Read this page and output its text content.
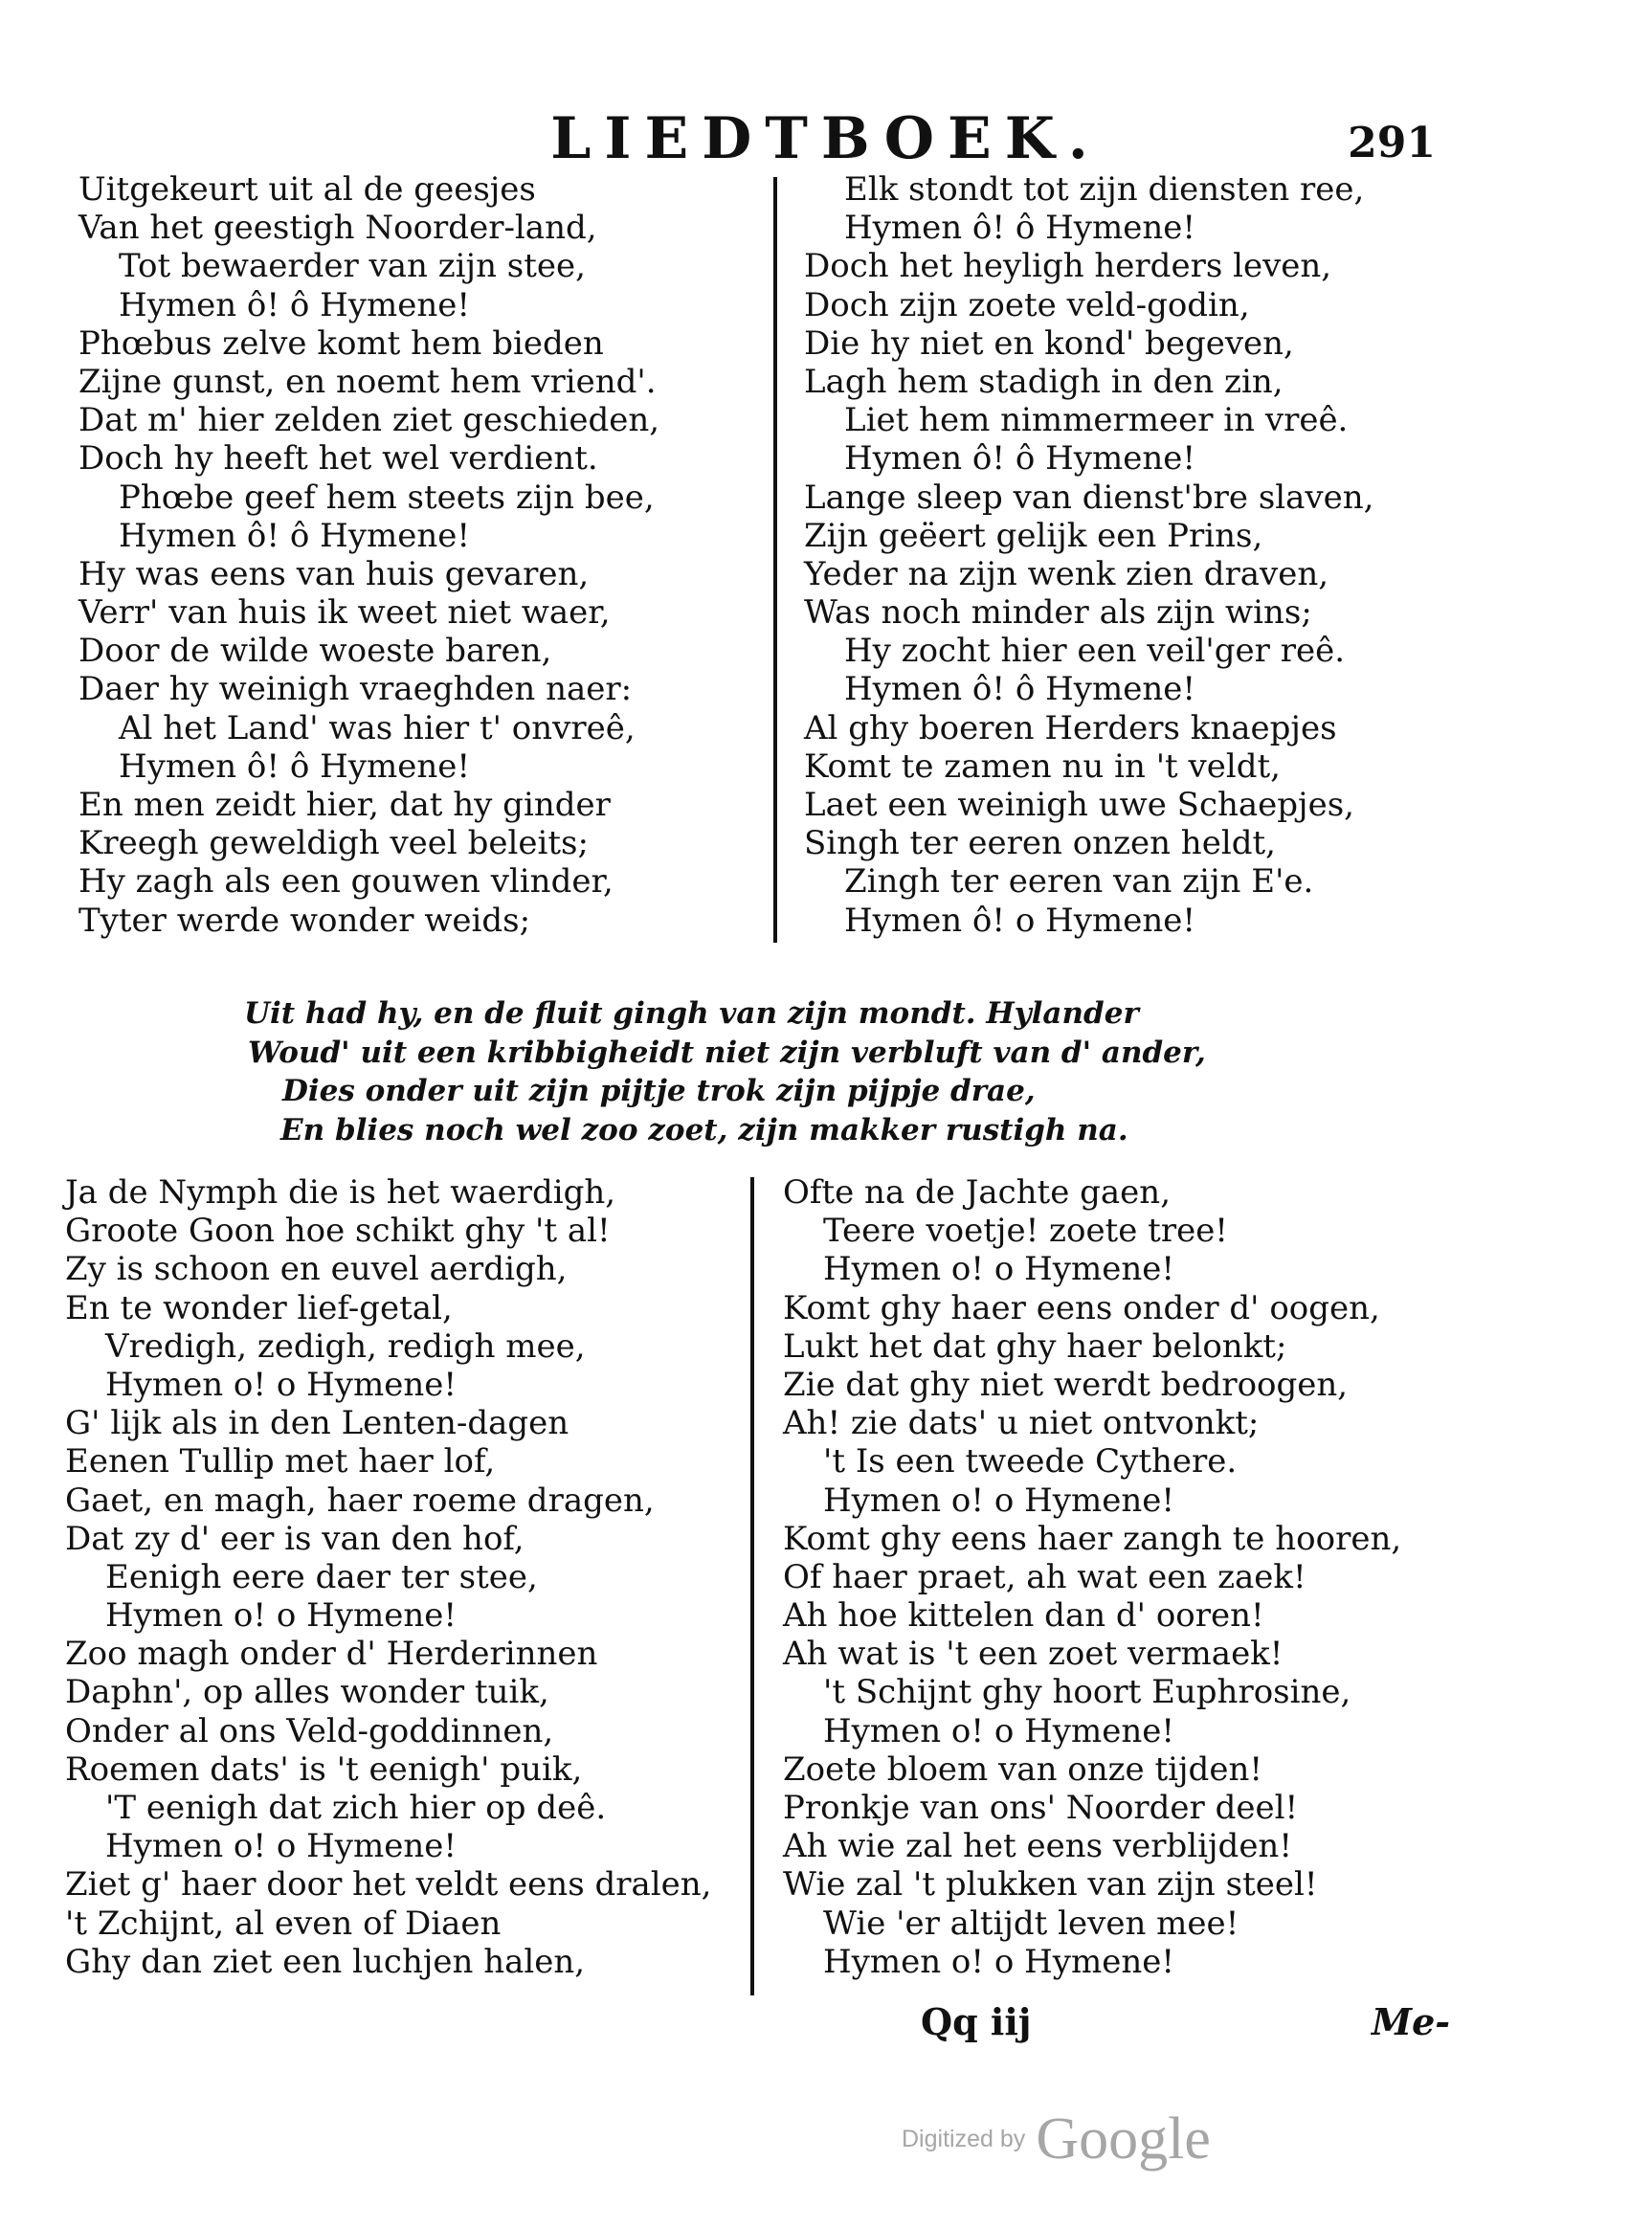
LIEDTBOEK.	291
Uitgekeurt uit al de geesjes
Van het geestigh Noorder-land,
Tot bewaerder van zijn stee,
Hymen ô! ô Hymene!
Phœbus zelve komt hem bieden
Zijne gunst, en noemt hem vriend'.
Dat m' hier zelden ziet geschieden,
Doch hy heeft het wel verdient.
Phœbe geef hem steets zijn bee,
Hymen ô! ô Hymene!
Hy was eens van huis gevaren,
Verr' van huis ik weet niet waer,
Door de wilde woeste baren,
Daer hy weinigh vraeghden naer:
Al het Land' was hier t' onvreê,
Hymen ô! ô Hymene!
En men zeidt hier, dat hy ginder
Kreegh geweldigh veel beleits;
Hy zagh als een gouwen vlinder,
Tyter werde wonder weids;
Elk stondt tot zijn diensten ree,
Hymen ô! ô Hymene!
Doch het heyligh herders leven,
Doch zijn zoete veld-godin,
Die hy niet en kond' begeven,
Lagh hem stadigh in den zin,
Liet hem nimmermeer in vreê.
Hymen ô! ô Hymene!
Lange sleep van dienst'bre slaven,
Zijn geëert gelijk een Prins,
Yeder na zijn wenk zien draven,
Was noch minder als zijn wins;
Hy zocht hier een veil'ger reê.
Hymen ô! ô Hymene!
Al ghy boeren Herders knaepjes
Komt te zamen nu in 't veldt,
Laet een weinigh uwe Schaepjes,
Singh ter eeren onzen heldt,
Zingh ter eeren van zijn E'e.
Hymen ô! o Hymene!
Uit had hy, en de fluit gingh van zijn mondt. Hylander
Woud' uit een kribbigheidt niet zijn verbluft van d' ander,
Dies onder uit zijn pijtje trok zijn pijpje drae,
En blies noch wel zoo zoet, zijn makker rustigh na.
Ja de Nymph die is het waerdigh,
Groote Goon hoe schikt ghy 't al!
Zy is schoon en euvel aerdigh,
En te wonder lief-getal,
Vredigh, zedigh, redigh mee,
Hymen o! o Hymene!
G' lijk als in den Lenten-dagen
Eenen Tullip met haer lof,
Gaet, en magh, haer roeme dragen,
Dat zy d' eer is van den hof,
Eenigh eere daer ter stee,
Hymen o! o Hymene!
Zoo magh onder d' Herderinnen
Daphn', op alles wonder tuik,
Onder al ons Veld-goddinnen,
Roemen dats' is 't eenigh' puik,
'T eenigh dat zich hier op deê.
Hymen o! o Hymene!
Ziet g' haer door het veldt eens dralen,
't Zchijnt, al even of Diaen
Ghy dan ziet een luchjen halen,
Ofte na de Jachte gaen,
Teere voetje! zoete tree!
Hymen o! o Hymene!
Komt ghy haer eens onder d' oogen,
Lukt het dat ghy haer belonkt;
Zie dat ghy niet werdt bedroogen,
Ah! zie dats' u niet ontvonkt;
't Is een tweede Cythere.
Hymen o! o Hymene!
Komt ghy eens haer zangh te hooren,
Of haer praet, ah wat een zaek!
Ah hoe kittelen dan d' ooren!
Ah wat is 't een zoet vermaek!
't Schijnt ghy hoort Euphrosine,
Hymen o! o Hymene!
Zoete bloem van onze tijden!
Pronkje van ons' Noorder deel!
Ah wie zal het eens verblijden!
Wie zal 't plukken van zijn steel!
Wie 'er altijdt leven mee!
Hymen o! o Hymene!
Qq iij	Me-
Digitized by Google
